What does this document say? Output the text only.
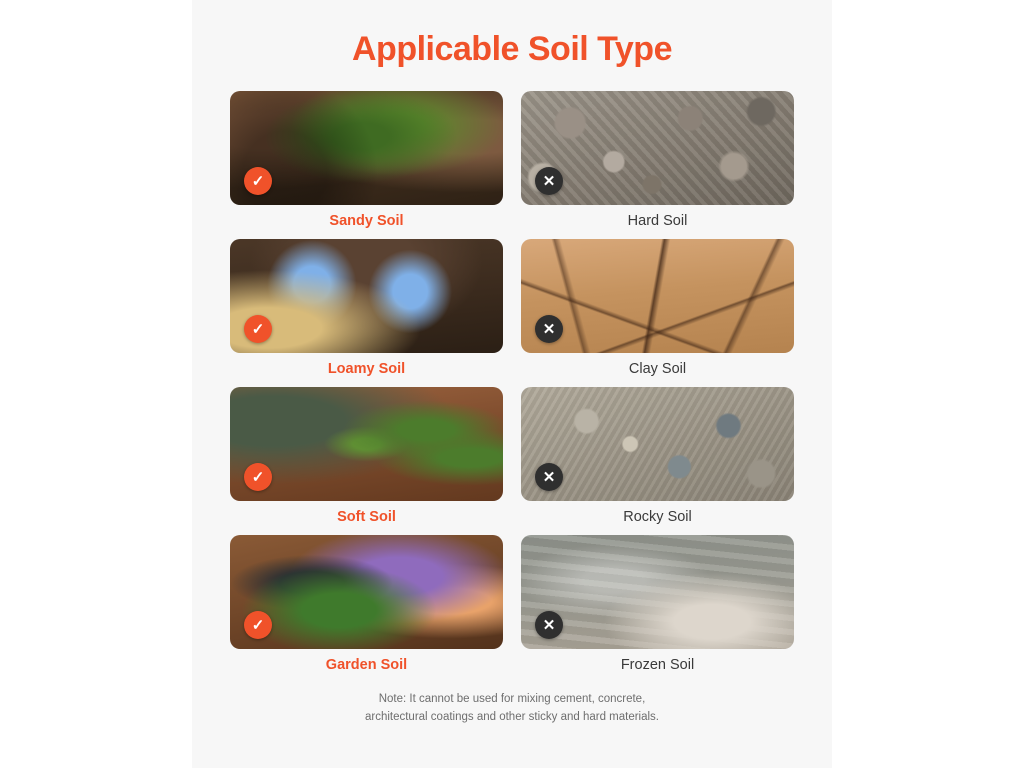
Applicable Soil Type
✓
Sandy Soil
✕
Hard Soil
✓
Loamy Soil
✕
Clay Soil
✓
Soft Soil
✕
Rocky Soil
✓
Garden Soil
✕
Frozen Soil
Note: It cannot be used for mixing cement, concrete,
architectural coatings and other sticky and hard materials.
